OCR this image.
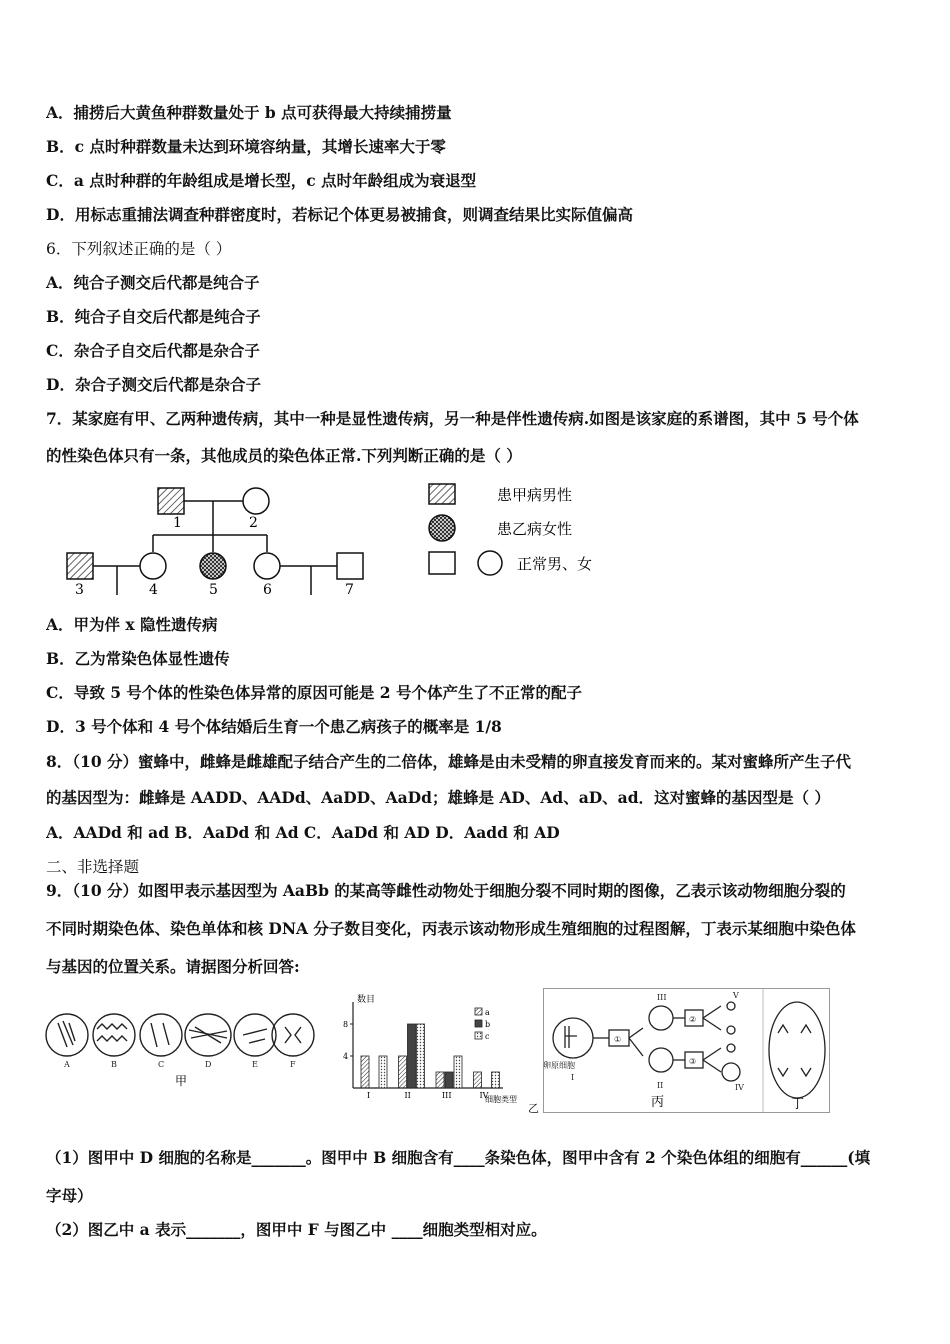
A．捕捞后大黄鱼种群数量处于 b 点可获得最大持续捕捞量
B．c 点时种群数量未达到环境容纳量，其增长速率大于零
C．a 点时种群的年龄组成是增长型，c 点时年龄组成为衰退型
D．用标志重捕法调查种群密度时，若标记个体更易被捕食，则调查结果比实际值偏高
6．下列叙述正确的是（ ）
A．纯合子测交后代都是纯合子
B．纯合子自交后代都是纯合子
C．杂合子自交后代都是杂合子
D．杂合子测交后代都是杂合子
7．某家庭有甲、乙两种遗传病，其中一种是显性遗传病，另一种是伴性遗传病.如图是该家庭的系谱图，其中 5 号个体
的性染色体只有一条，其他成员的染色体正常.下列判断正确的是（ ）
1	2
3	4	5	6	7
患甲病男性
患乙病女性
正常男、女
A．甲为伴 x 隐性遗传病
B．乙为常染色体显性遗传
C．导致 5 号个体的性染色体异常的原因可能是 2 号个体产生了不正常的配子
D．3 号个体和 4 号个体结婚后生育一个患乙病孩子的概率是 1/8
8．（10 分）蜜蜂中，雌蜂是雌雄配子结合产生的二倍体，雄蜂是由未受精的卵直接发育而来的。某对蜜蜂所产生子代
的基因型为：雌蜂是 AADD、AADd、AaDD、AaDd；雄蜂是 AD、Ad、aD、ad．这对蜜蜂的基因型是（ ）
A．AADd 和 ad B．AaDd 和 Ad C．AaDd 和 AD D．Aadd 和 AD
二、非选择题
9．（10 分）如图甲表示基因型为 AaBb 的某高等雌性动物处于细胞分裂不同时期的图像，乙表示该动物细胞分裂的
不同时期染色体、染色单体和核 DNA 分子数目变化，丙表示该动物形成生殖细胞的过程图解，丁表示某细胞中染色体
与基因的位置关系。请据图分析回答:
A	B	C	D	E	F
甲
4
8
I	II	III	IV
a
b
c
数目
细胞类型
乙
卵原细胞
I
II
III
IV
V
①
②
③
丙	丁
（1）图甲中 D 细胞的名称是_______。图甲中 B 细胞含有____条染色体，图甲中含有 2 个染色体组的细胞有______(填
字母）
（2）图乙中 a 表示_______，图甲中 F 与图乙中 ____细胞类型相对应。
